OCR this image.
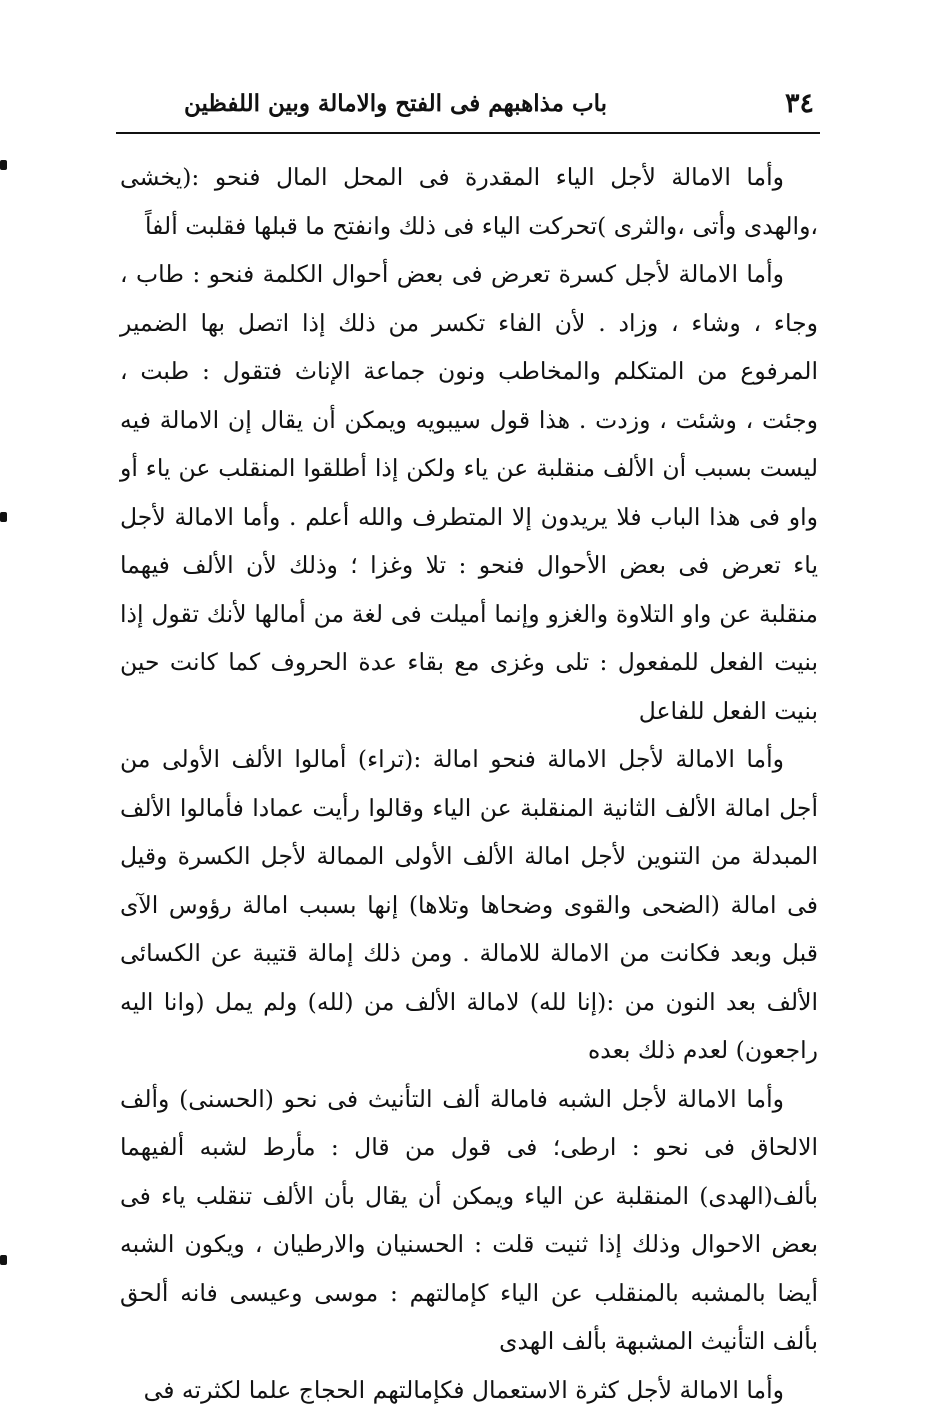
٣٤
باب مذاهبهم فى الفتح والامالة وبين اللفظين

وأما الامالة لأجل الياء المقدرة فى المحل المال فنحو :(يخشى ،والهدى وأتى ،والثرى )تحركت الياء فى ذلك وانفتح ما قبلها فقلبت ألفاً

وأما الامالة لأجل كسرة تعرض فى بعض أحوال الكلمة فنحو : طاب ، وجاء ، وشاء ، وزاد . لأن الفاء تكسر من ذلك إذا اتصل بها الضمير المرفوع من المتكلم والمخاطب ونون جماعة الإناث فتقول : طبت ، وجئت ، وشئت ، وزدت . هذا قول سيبويه ويمكن أن يقال إن الامالة فيه ليست بسبب أن الألف منقلبة عن ياء ولكن إذا أطلقوا المنقلب عن ياء أو واو فى هذا الباب فلا يريدون إلا المتطرف والله أعلم . وأما الامالة لأجل ياء تعرض فى بعض الأحوال فنحو : تلا وغزا ؛ وذلك لأن الألف فيهما منقلبة عن واو التلاوة والغزو وإنما أميلت فى لغة من أمالها لأنك تقول إذا بنيت الفعل للمفعول : تلى وغزى مع بقاء عدة الحروف كما كانت حين بنيت الفعل للفاعل

وأما الامالة لأجل الامالة فنحو امالة :(تراء) أمالوا الألف الأولى من أجل امالة الألف الثانية المنقلبة عن الياء وقالوا رأيت عمادا فأمالوا الألف المبدلة من التنوين لأجل امالة الألف الأولى الممالة لأجل الكسرة وقيل فى امالة (الضحى والقوى وضحاها وتلاها) إنها بسبب امالة رؤوس الآى قبل وبعد فكانت من الامالة للامالة . ومن ذلك إمالة قتيبة عن الكسائى الألف بعد النون من :(إنا لله) لامالة الألف من (لله) ولم يمل (وانا اليه راجعون) لعدم ذلك بعده

وأما الامالة لأجل الشبه فامالة ألف التأنيث فى نحو (الحسنى) وألف الالحاق فى نحو : ارطى؛ فى قول من قال : مأرط لشبه ألفيهما بألف(الهدى) المنقلبة عن الياء ويمكن أن يقال بأن الألف تنقلب ياء فى بعض الاحوال وذلك إذا ثنيت قلت : الحسنيان والارطيان ، ويكون الشبه أيضا بالمشبه بالمنقلب عن الياء كإمالتهم : موسى وعيسى فانه ألحق بألف التأنيث المشبهة بألف الهدى

وأما الامالة لأجل كثرة الاستعمال فكإمالتهم الحجاج علما لكثرته فى
